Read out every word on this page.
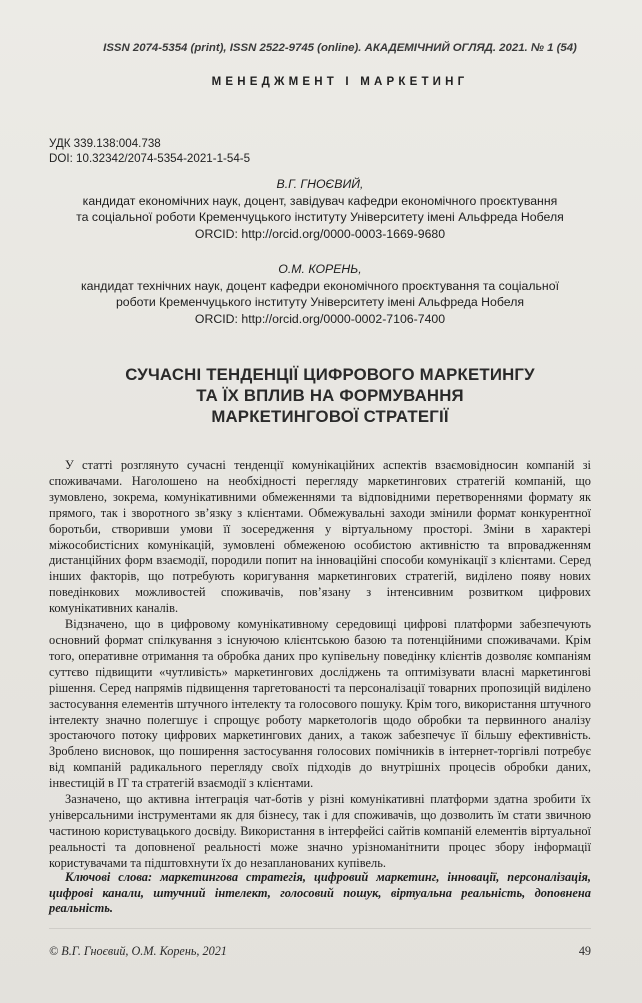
ISSN 2074-5354 (print), ISSN 2522-9745 (online). АКАДЕМІЧНИЙ ОГЛЯД. 2021. № 1 (54)
МЕНЕДЖМЕНТ І МАРКЕТИНГ
УДК 339.138:004.738
DOI: 10.32342/2074-5354-2021-1-54-5
В.Г. ГНОЄВИЙ,
кандидат економічних наук, доцент, завідувач кафедри економічного проєктування
та соціальної роботи Кременчуцького інституту Університету імені Альфреда Нобеля
ORCID: http://orcid.org/0000-0003-1669-9680
О.М. КОРЕНЬ,
кандидат технічних наук, доцент кафедри економічного проєктування та соціальної
роботи Кременчуцького інституту Університету імені Альфреда Нобеля
ORCID: http://orcid.org/0000-0002-7106-7400
СУЧАСНІ ТЕНДЕНЦІЇ ЦИФРОВОГО МАРКЕТИНГУ
ТА ЇХ ВПЛИВ НА ФОРМУВАННЯ
МАРКЕТИНГОВОЇ СТРАТЕГІЇ

У статті розглянуто сучасні тенденції комунікаційних аспектів взаємовідносин компаній зі споживачами. Наголошено на необхідності перегляду маркетингових стратегій компаній, що зумовлено, зокрема, комунікативними обмеженнями та відповідними перетвореннями формату як прямого, так і зворотного зв’язку з клієнтами. Обмежувальні заходи змінили формат конкурентної боротьби, створивши умови її зосередження у віртуальному просторі. Зміни в характері міжособистісних комунікацій, зумовлені обмеженою особистою активністю та впровадженням дистанційних форм взаємодії, породили попит на інноваційні способи комунікації з клієнтами. Серед інших факторів, що потребують коригування маркетингових стратегій, виділено появу нових поведінкових можливостей споживачів, пов’язану з інтенсивним розвитком цифрових комунікативних каналів.

Відзначено, що в цифровому комунікативному середовищі цифрові платформи забезпечують основний формат спілкування з існуючою клієнтською базою та потенційними споживачами. Крім того, оперативне отримання та обробка даних про купівельну поведінку клієнтів дозволяє компаніям суттєво підвищити «чутливість» маркетингових досліджень та оптимізувати власні маркетингові рішення. Серед напрямів підвищення таргетованості та персоналізації товарних пропозицій виділено застосування елементів штучного інтелекту та голосового пошуку. Крім того, використання штучного інтелекту значно полегшує і спрощує роботу маркетологів щодо обробки та первинного аналізу зростаючого потоку цифрових маркетингових даних, а також забезпечує її більшу ефективність. Зроблено висновок, що поширення застосування голосових помічників в інтернет-торгівлі потребує від компаній радикального перегляду своїх підходів до внутрішніх процесів обробки даних, інвестицій в ІТ та стратегій взаємодії з клієнтами.

Зазначено, що активна інтеграція чат-ботів у різні комунікативні платформи здатна зробити їх універсальними інструментами як для бізнесу, так і для споживачів, що дозволить їм стати звичною частиною користувацького досвіду. Використання в інтерфейсі сайтів компаній елементів віртуальної реальності та доповненої реальності може значно урізноманітнити процес збору інформації користувачами та підштовхнути їх до незапланованих купівель.

Ключові слова: маркетингова стратегія, цифровий маркетинг, інновації, персоналізація, цифрові канали, штучний інтелект, голосовий пошук, віртуальна реальність, доповнена реальність.
© В.Г. Гноєвий, О.М. Корень, 2021	49
